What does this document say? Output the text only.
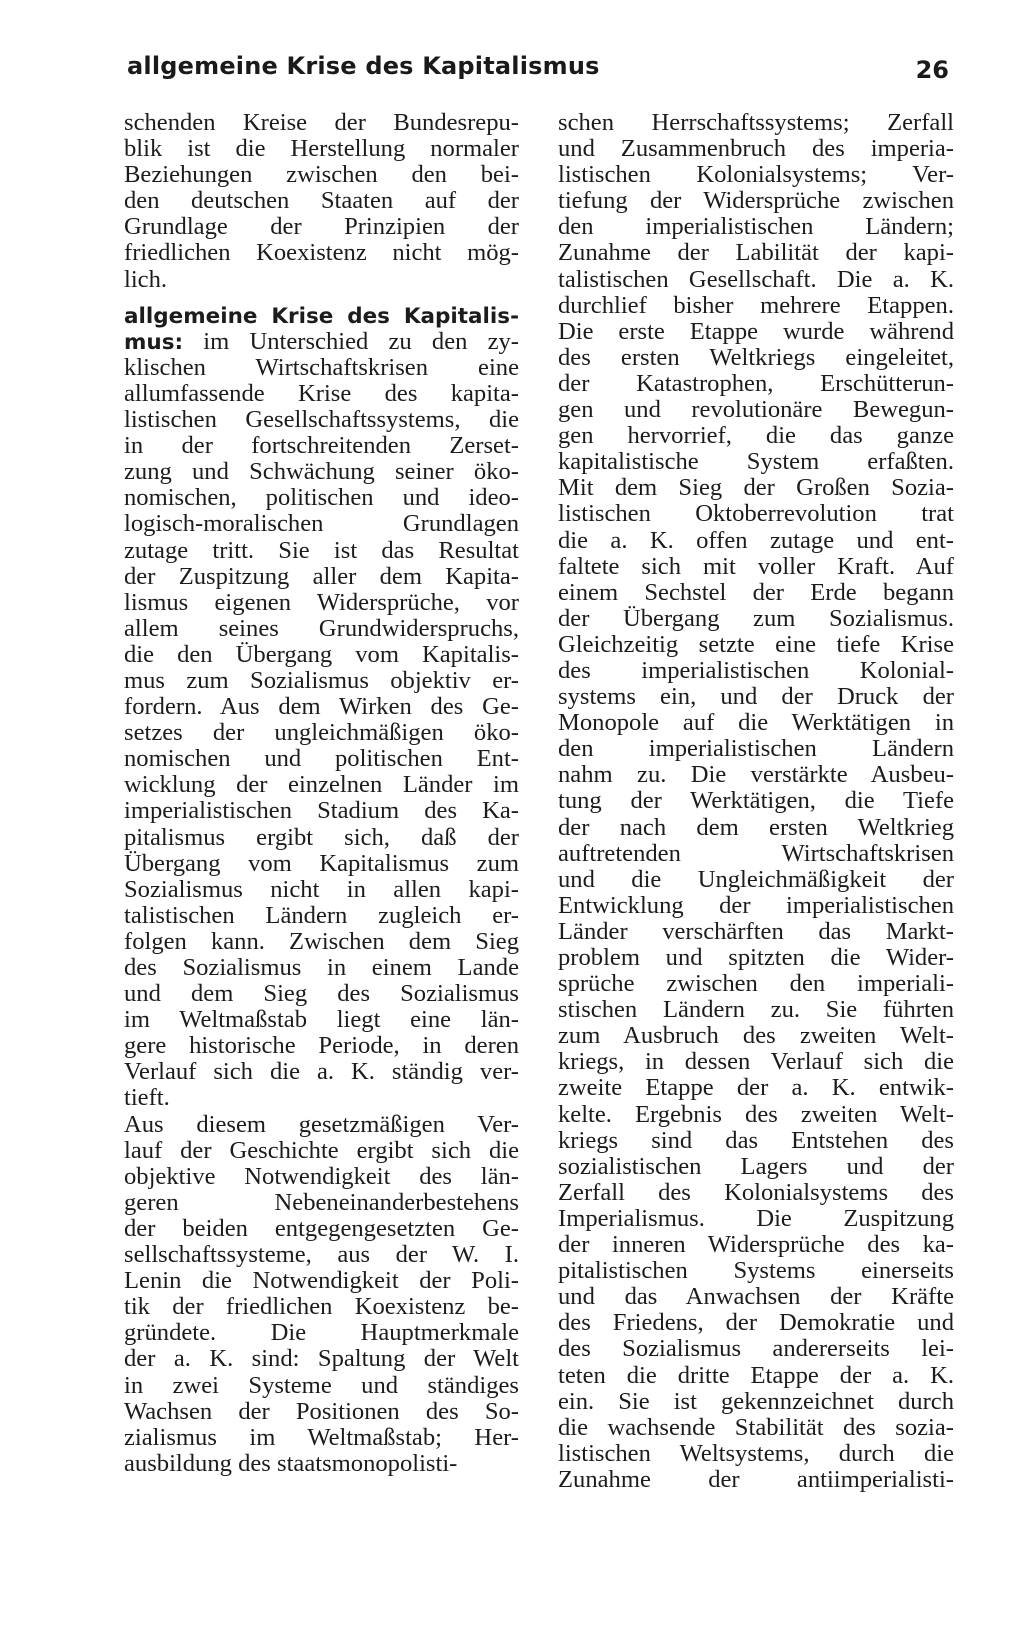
allgemeine Krise des Kapitalismus	26
schenden Kreise der Bundesrepu-
blik ist die Herstellung normaler
Beziehungen zwischen den bei-
den deutschen Staaten auf der
Grundlage der Prinzipien der
friedlichen Koexistenz nicht mög-
lich.
allgemeine Krise des Kapitalis-
mus: im Unterschied zu den zy-
klischen Wirtschaftskrisen eine
allumfassende Krise des kapita-
listischen Gesellschaftssystems, die
in der fortschreitenden Zerset-
zung und Schwächung seiner öko-
nomischen, politischen und ideo-
logisch-moralischen Grundlagen
zutage tritt. Sie ist das Resultat
der Zuspitzung aller dem Kapita-
lismus eigenen Widersprüche, vor
allem seines Grundwiderspruchs,
die den Übergang vom Kapitalis-
mus zum Sozialismus objektiv er-
fordern. Aus dem Wirken des Ge-
setzes der ungleichmäßigen öko-
nomischen und politischen Ent-
wicklung der einzelnen Länder im
imperialistischen Stadium des Ka-
pitalismus ergibt sich, daß der
Übergang vom Kapitalismus zum
Sozialismus nicht in allen kapi-
talistischen Ländern zugleich er-
folgen kann. Zwischen dem Sieg
des Sozialismus in einem Lande
und dem Sieg des Sozialismus
im Weltmaßstab liegt eine län-
gere historische Periode, in deren
Verlauf sich die a. K. ständig ver-
tieft.
Aus diesem gesetzmäßigen Ver-
lauf der Geschichte ergibt sich die
objektive Notwendigkeit des län-
geren Nebeneinanderbestehens
der beiden entgegengesetzten Ge-
sellschaftssysteme, aus der W. I.
Lenin die Notwendigkeit der Poli-
tik der friedlichen Koexistenz be-
gründete. Die Hauptmerkmale
der a. K. sind: Spaltung der Welt
in zwei Systeme und ständiges
Wachsen der Positionen des So-
zialismus im Weltmaßstab; Her-
ausbildung des staatsmonopolisti-
schen Herrschaftssystems; Zerfall
und Zusammenbruch des imperia-
listischen Kolonialsystems; Ver-
tiefung der Widersprüche zwischen
den imperialistischen Ländern;
Zunahme der Labilität der kapi-
talistischen Gesellschaft. Die a. K.
durchlief bisher mehrere Etappen.
Die erste Etappe wurde während
des ersten Weltkriegs eingeleitet,
der Katastrophen, Erschütterun-
gen und revolutionäre Bewegun-
gen hervorrief, die das ganze
kapitalistische System erfaßten.
Mit dem Sieg der Großen Sozia-
listischen Oktoberrevolution trat
die a. K. offen zutage und ent-
faltete sich mit voller Kraft. Auf
einem Sechstel der Erde begann
der Übergang zum Sozialismus.
Gleichzeitig setzte eine tiefe Krise
des imperialistischen Kolonial-
systems ein, und der Druck der
Monopole auf die Werktätigen in
den imperialistischen Ländern
nahm zu. Die verstärkte Ausbeu-
tung der Werktätigen, die Tiefe
der nach dem ersten Weltkrieg
auftretenden Wirtschaftskrisen
und die Ungleichmäßigkeit der
Entwicklung der imperialistischen
Länder verschärften das Markt-
problem und spitzten die Wider-
sprüche zwischen den imperiali-
stischen Ländern zu. Sie führten
zum Ausbruch des zweiten Welt-
kriegs, in dessen Verlauf sich die
zweite Etappe der a. K. entwik-
kelte. Ergebnis des zweiten Welt-
kriegs sind das Entstehen des
sozialistischen Lagers und der
Zerfall des Kolonialsystems des
Imperialismus. Die Zuspitzung
der inneren Widersprüche des ka-
pitalistischen Systems einerseits
und das Anwachsen der Kräfte
des Friedens, der Demokratie und
des Sozialismus andererseits lei-
teten die dritte Etappe der a. K.
ein. Sie ist gekennzeichnet durch
die wachsende Stabilität des sozia-
listischen Weltsystems, durch die
Zunahme der antiimperialisti-
